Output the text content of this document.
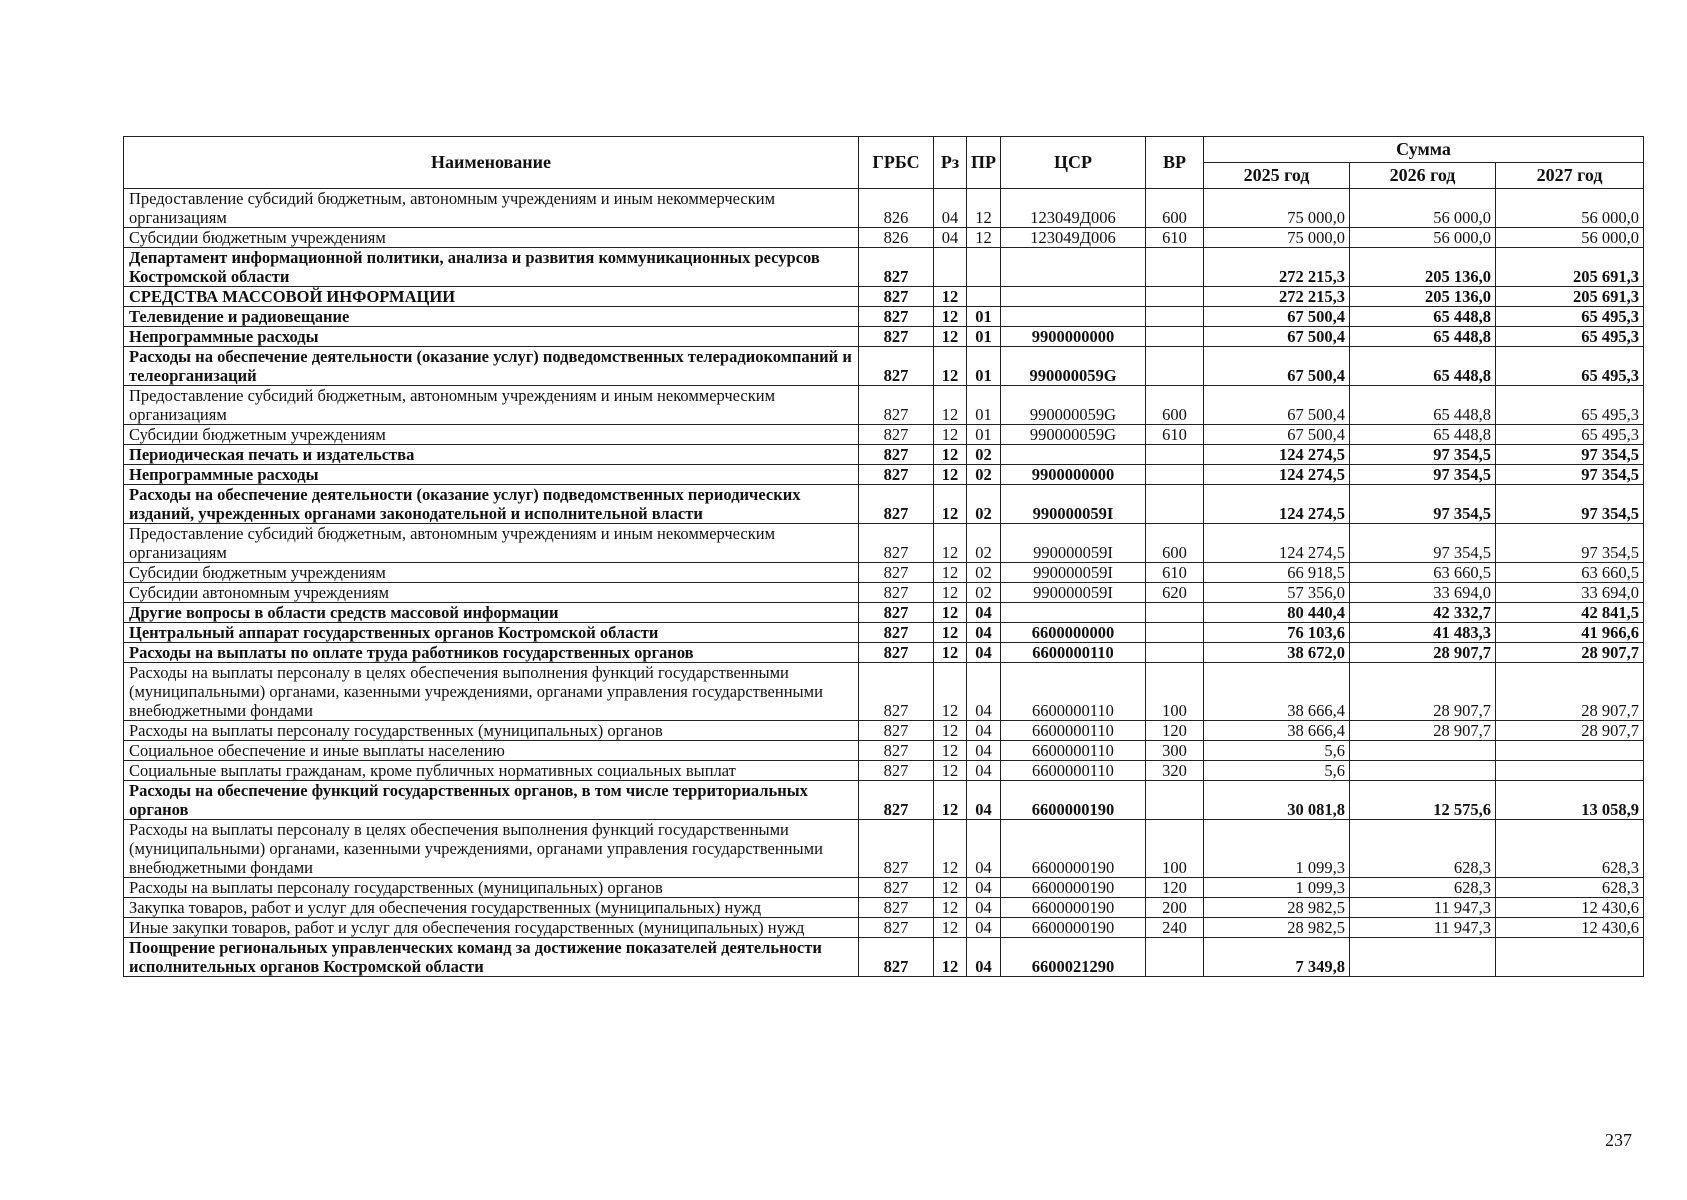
Наименование	ГРБС	Рз	ПР	ЦСР	ВР	Сумма		
						2025 год	2026 год	2027 год
Предоставление субсидий бюджетным, автономным учреждениям и иным некоммерческим организациям	826	04	12	123049Д006	600	75 000,0	56 000,0	56 000,0
Субсидии бюджетным учреждениям	826	04	12	123049Д006	610	75 000,0	56 000,0	56 000,0
Департамент информационной политики, анализа и развития коммуникационных ресурсов Костромской области	827					272 215,3	205 136,0	205 691,3
СРЕДСТВА МАССОВОЙ ИНФОРМАЦИИ	827	12				272 215,3	205 136,0	205 691,3
Телевидение и радиовещание	827	12	01			67 500,4	65 448,8	65 495,3
Непрограммные расходы	827	12	01	9900000000		67 500,4	65 448,8	65 495,3
Расходы на обеспечение деятельности (оказание услуг) подведомственных телерадиокомпаний и телеорганизаций	827	12	01	990000059G		67 500,4	65 448,8	65 495,3
Предоставление субсидий бюджетным, автономным учреждениям и иным некоммерческим организациям	827	12	01	990000059G	600	67 500,4	65 448,8	65 495,3
Субсидии бюджетным учреждениям	827	12	01	990000059G	610	67 500,4	65 448,8	65 495,3
Периодическая печать и издательства	827	12	02			124 274,5	97 354,5	97 354,5
Непрограммные расходы	827	12	02	9900000000		124 274,5	97 354,5	97 354,5
Расходы на обеспечение деятельности (оказание услуг) подведомственных периодических изданий, учрежденных органами законодательной и исполнительной власти	827	12	02	990000059I		124 274,5	97 354,5	97 354,5
Предоставление субсидий бюджетным, автономным учреждениям и иным некоммерческим организациям	827	12	02	990000059I	600	124 274,5	97 354,5	97 354,5
Субсидии бюджетным учреждениям	827	12	02	990000059I	610	66 918,5	63 660,5	63 660,5
Субсидии автономным учреждениям	827	12	02	990000059I	620	57 356,0	33 694,0	33 694,0
Другие вопросы в области средств массовой информации	827	12	04			80 440,4	42 332,7	42 841,5
Центральный аппарат государственных органов Костромской области	827	12	04	6600000000		76 103,6	41 483,3	41 966,6
Расходы на выплаты по оплате труда работников государственных органов	827	12	04	6600000110		38 672,0	28 907,7	28 907,7
Расходы на выплаты персоналу в целях обеспечения выполнения функций государственными (муниципальными) органами, казенными учреждениями, органами управления государственными внебюджетными фондами	827	12	04	6600000110	100	38 666,4	28 907,7	28 907,7
Расходы на выплаты персоналу государственных (муниципальных) органов	827	12	04	6600000110	120	38 666,4	28 907,7	28 907,7
Социальное обеспечение и иные выплаты населению	827	12	04	6600000110	300	5,6		
Социальные выплаты гражданам, кроме публичных нормативных социальных выплат	827	12	04	6600000110	320	5,6		
Расходы на обеспечение функций государственных органов, в том числе территориальных органов	827	12	04	6600000190		30 081,8	12 575,6	13 058,9
Расходы на выплаты персоналу в целях обеспечения выполнения функций государственными (муниципальными) органами, казенными учреждениями, органами управления государственными внебюджетными фондами	827	12	04	6600000190	100	1 099,3	628,3	628,3
Расходы на выплаты персоналу государственных (муниципальных) органов	827	12	04	6600000190	120	1 099,3	628,3	628,3
Закупка товаров, работ и услуг для обеспечения государственных (муниципальных) нужд	827	12	04	6600000190	200	28 982,5	11 947,3	12 430,6
Иные закупки товаров, работ и услуг для обеспечения государственных (муниципальных) нужд	827	12	04	6600000190	240	28 982,5	11 947,3	12 430,6
Поощрение региональных управленческих команд за достижение показателей деятельности исполнительных органов Костромской области	827	12	04	6600021290		7 349,8		
237
